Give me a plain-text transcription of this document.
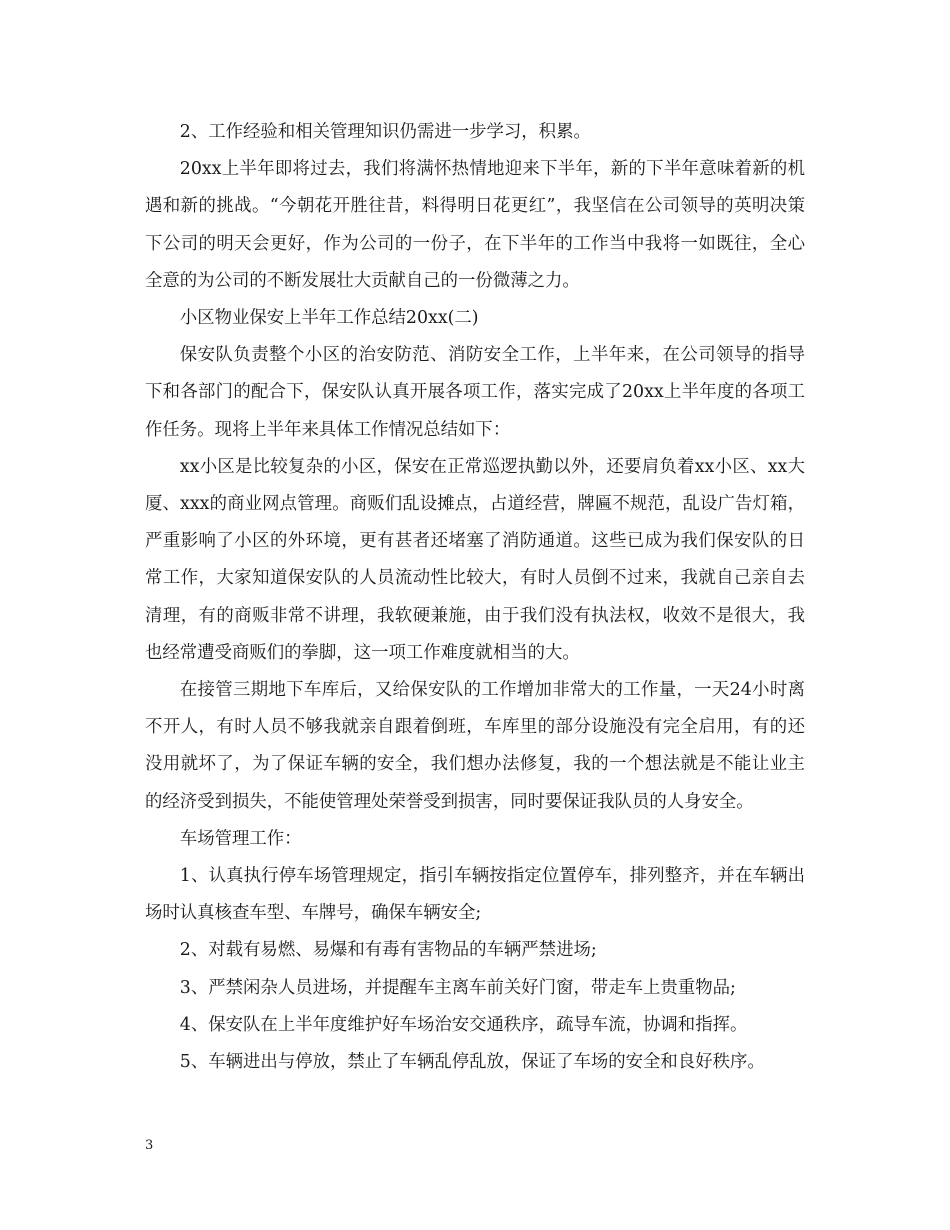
2、工作经验和相关管理知识仍需进一步学习，积累。

20xx上半年即将过去，我们将满怀热情地迎来下半年，新的下半年意味着新的机遇和新的挑战。“今朝花开胜往昔，料得明日花更红”，我坚信在公司领导的英明决策下公司的明天会更好，作为公司的一份子，在下半年的工作当中我将一如既往，全心全意的为公司的不断发展壮大贡献自己的一份微薄之力。

小区物业保安上半年工作总结20xx(二)

保安队负责整个小区的治安防范、消防安全工作，上半年来，在公司领导的指导下和各部门的配合下，保安队认真开展各项工作，落实完成了20xx上半年度的各项工作任务。现将上半年来具体工作情况总结如下：

xx小区是比较复杂的小区，保安在正常巡逻执勤以外，还要肩负着xx小区、xx大厦、xxx的商业网点管理。商贩们乱设摊点，占道经营，牌匾不规范，乱设广告灯箱，严重影响了小区的外环境，更有甚者还堵塞了消防通道。这些已成为我们保安队的日常工作，大家知道保安队的人员流动性比较大，有时人员倒不过来，我就自己亲自去清理，有的商贩非常不讲理，我软硬兼施，由于我们没有执法权，收效不是很大，我也经常遭受商贩们的拳脚，这一项工作难度就相当的大。

在接管三期地下车库后，又给保安队的工作增加非常大的工作量，一天24小时离不开人，有时人员不够我就亲自跟着倒班，车库里的部分设施没有完全启用，有的还没用就坏了，为了保证车辆的安全，我们想办法修复，我的一个想法就是不能让业主的经济受到损失，不能使管理处荣誉受到损害，同时要保证我队员的人身安全。

车场管理工作：

1、认真执行停车场管理规定，指引车辆按指定位置停车，排列整齐，并在车辆出场时认真核查车型、车牌号，确保车辆安全;

2、对载有易燃、易爆和有毒有害物品的车辆严禁进场;

3、严禁闲杂人员进场，并提醒车主离车前关好门窗，带走车上贵重物品;

4、保安队在上半年度维护好车场治安交通秩序，疏导车流，协调和指挥。

5、车辆进出与停放，禁止了车辆乱停乱放，保证了车场的安全和良好秩序。

3
